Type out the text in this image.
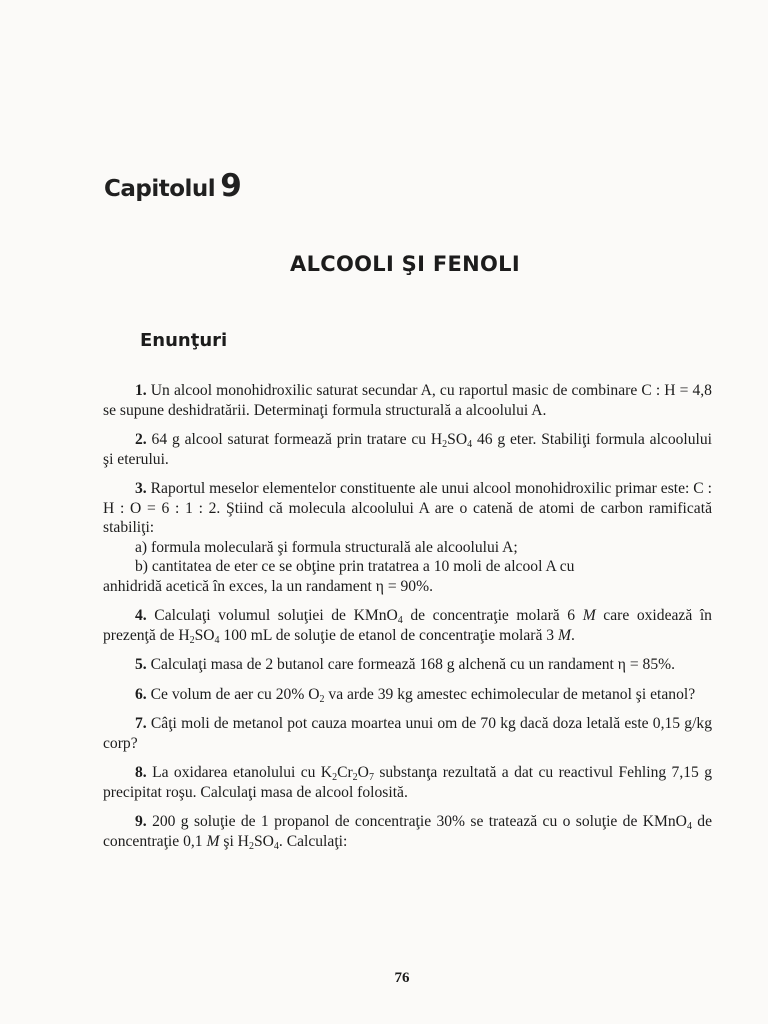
Capitolul 9
ALCOOLI ŞI FENOLI
Enunţuri

1. Un alcool monohidroxilic saturat secundar A, cu raportul masic de combinare C : H = 4,8 se supune deshidratării. Determinaţi formula structurală a alcoolului A.

2. 64 g alcool saturat formează prin tratare cu $H_2SO_4$ 46 g eter. Stabiliţi formula alcoolului şi eterului.

3. Raportul meselor elementelor constituente ale unui alcool monohidroxilic primar este: C : H : O = 6 : 1 : 2. Ştiind că molecula alcoolului A are o catenă de atomi de carbon ramificată stabiliţi:

a) formula moleculară şi formula structurală ale alcoolului A;

b) cantitatea de eter ce se obţine prin tratatrea a 10 moli de alcool A cu

anhidridă acetică în exces, la un randament η = 90%.

4. Calculaţi volumul soluţiei de KMnO$_4$ de concentraţie molară 6 M care oxidează în prezenţă de $H_2SO_4$ 100 mL de soluţie de etanol de concentraţie molară 3 M.

5. Calculaţi masa de 2 butanol care formează 168 g alchenă cu un randament η = 85%.

6. Ce volum de aer cu 20% $O_2$ va arde 39 kg amestec echimolecular de metanol şi etanol?

7. Câţi moli de metanol pot cauza moartea unui om de 70 kg dacă doza letală este 0,15 g/kg corp?

8. La oxidarea etanolului cu $K_2Cr_2O_7$ substanţa rezultată a dat cu reactivul Fehling 7,15 g precipitat roşu. Calculaţi masa de alcool folosită.

9. 200 g soluţie de 1 propanol de concentraţie 30% se tratează cu o soluţie de KMnO$_4$ de concentraţie 0,1 M şi $H_2SO_4$. Calculaţi:

76
